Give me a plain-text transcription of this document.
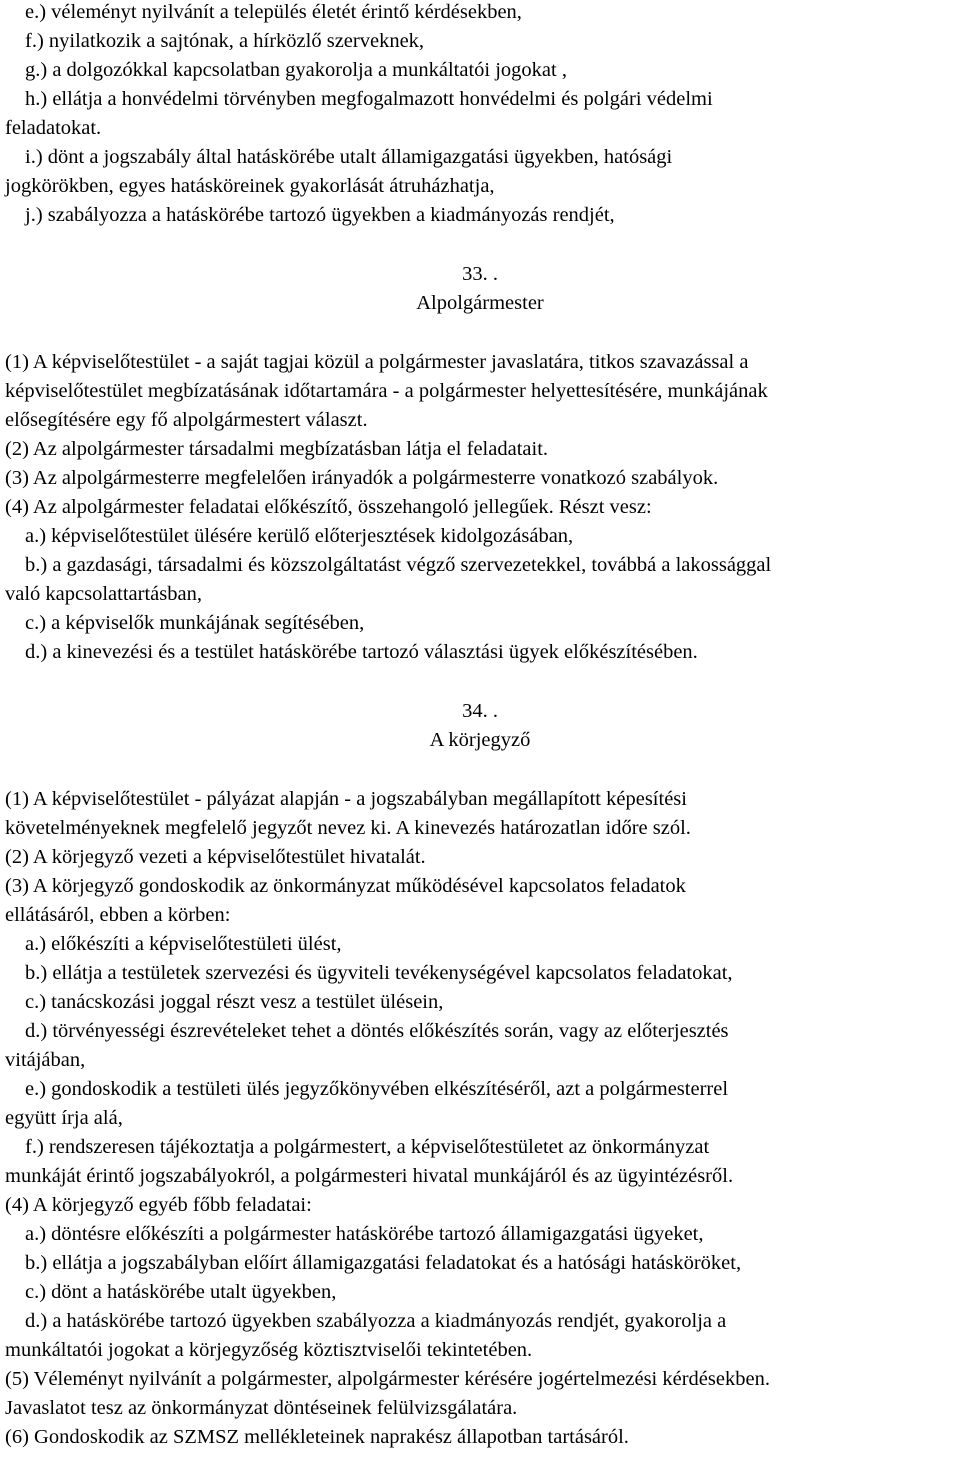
e.) véleményt nyilvánít a település életét érintő kérdésekben,
f.) nyilatkozik a sajtónak, a hírközlő szerveknek,
g.) a dolgozókkal kapcsolatban gyakorolja a munkáltatói jogokat ,
h.) ellátja a honvédelmi törvényben megfogalmazott honvédelmi és polgári védelmi
feladatokat.
i.) dönt a jogszabály által hatáskörébe utalt államigazgatási ügyekben, hatósági
jogkörökben, egyes hatásköreinek gyakorlását átruházhatja,
j.) szabályozza a hatáskörébe tartozó ügyekben a kiadmányozás rendjét,
33. .
Alpolgármester
(1) A képviselőtestület - a saját tagjai közül a polgármester javaslatára, titkos szavazással a
képviselőtestület megbízatásának időtartamára - a polgármester helyettesítésére, munkájának
elősegítésére egy fő alpolgármestert választ.
(2) Az alpolgármester társadalmi megbízatásban látja el feladatait.
(3) Az alpolgármesterre megfelelően irányadók a polgármesterre vonatkozó szabályok.
(4) Az alpolgármester feladatai előkészítő, összehangoló jellegűek. Részt vesz:
a.) képviselőtestület ülésére kerülő előterjesztések kidolgozásában,
b.) a gazdasági, társadalmi és közszolgáltatást végző szervezetekkel, továbbá a lakossággal
való kapcsolattartásban,
c.) a képviselők munkájának segítésében,
d.) a kinevezési és a testület hatáskörébe tartozó választási ügyek előkészítésében.
34. .
A körjegyző
(1) A képviselőtestület - pályázat alapján - a jogszabályban megállapított képesítési
követelményeknek megfelelő jegyzőt nevez ki. A kinevezés határozatlan időre szól.
(2) A körjegyző vezeti a képviselőtestület hivatalát.
(3) A körjegyző gondoskodik az önkormányzat működésével kapcsolatos feladatok
ellátásáról, ebben a körben:
a.) előkészíti a képviselőtestületi ülést,
b.) ellátja a testületek szervezési és ügyviteli tevékenységével kapcsolatos feladatokat,
c.) tanácskozási joggal részt vesz a testület ülésein,
d.) törvényességi észrevételeket tehet a döntés előkészítés során, vagy az előterjesztés
vitájában,
e.) gondoskodik a testületi ülés jegyzőkönyvében elkészítéséről, azt a polgármesterrel
együtt írja alá,
f.) rendszeresen tájékoztatja a polgármestert, a képviselőtestületet az önkormányzat
munkáját érintő jogszabályokról, a polgármesteri hivatal munkájáról és az ügyintézésről.
(4) A körjegyző egyéb főbb feladatai:
a.) döntésre előkészíti a polgármester hatáskörébe tartozó államigazgatási ügyeket,
b.) ellátja a jogszabályban előírt államigazgatási feladatokat és a hatósági hatásköröket,
c.) dönt a hatáskörébe utalt ügyekben,
d.) a hatáskörébe tartozó ügyekben szabályozza a kiadmányozás rendjét, gyakorolja a
munkáltatói jogokat a körjegyzőség köztisztviselői tekintetében.
(5) Véleményt nyilvánít a polgármester, alpolgármester kérésére jogértelmezési kérdésekben.
Javaslatot tesz az önkormányzat döntéseinek felülvizsgálatára.
(6) Gondoskodik az SZMSZ mellékleteinek naprakész állapotban tartásáról.
